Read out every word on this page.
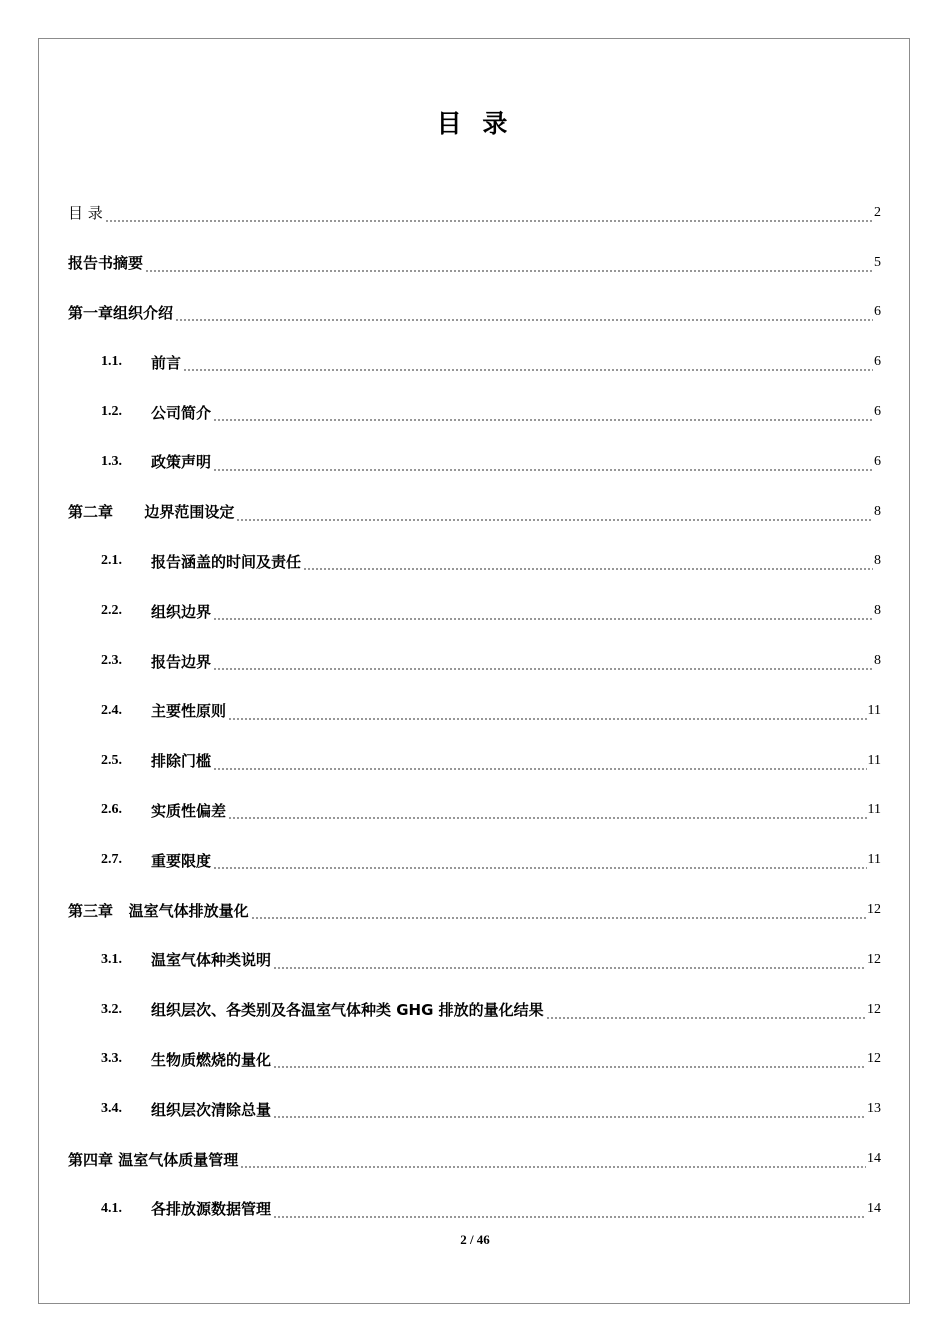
目 录
目 录	2
报告书摘要	5
第一章组织介绍	6
1.1.	前言	6
1.2.	公司简介	6
1.3.	政策声明	6
第二章      边界范围设定	8
2.1.	报告涵盖的时间及责任	8
2.2.	组织边界	8
2.3.	报告边界	8
2.4.	主要性原则	11
2.5.	排除门槛	11
2.6.	实质性偏差	11
2.7.	重要限度	11
第三章   温室气体排放量化	12
3.1.	温室气体种类说明	12
3.2.	组织层次、各类别及各温室气体种类 GHG 排放的量化结果	12
3.3.	生物质燃烧的量化	12
3.4.	组织层次清除总量	13
第四章 温室气体质量管理	14
4.1.	各排放源数据管理	14
2 / 46
